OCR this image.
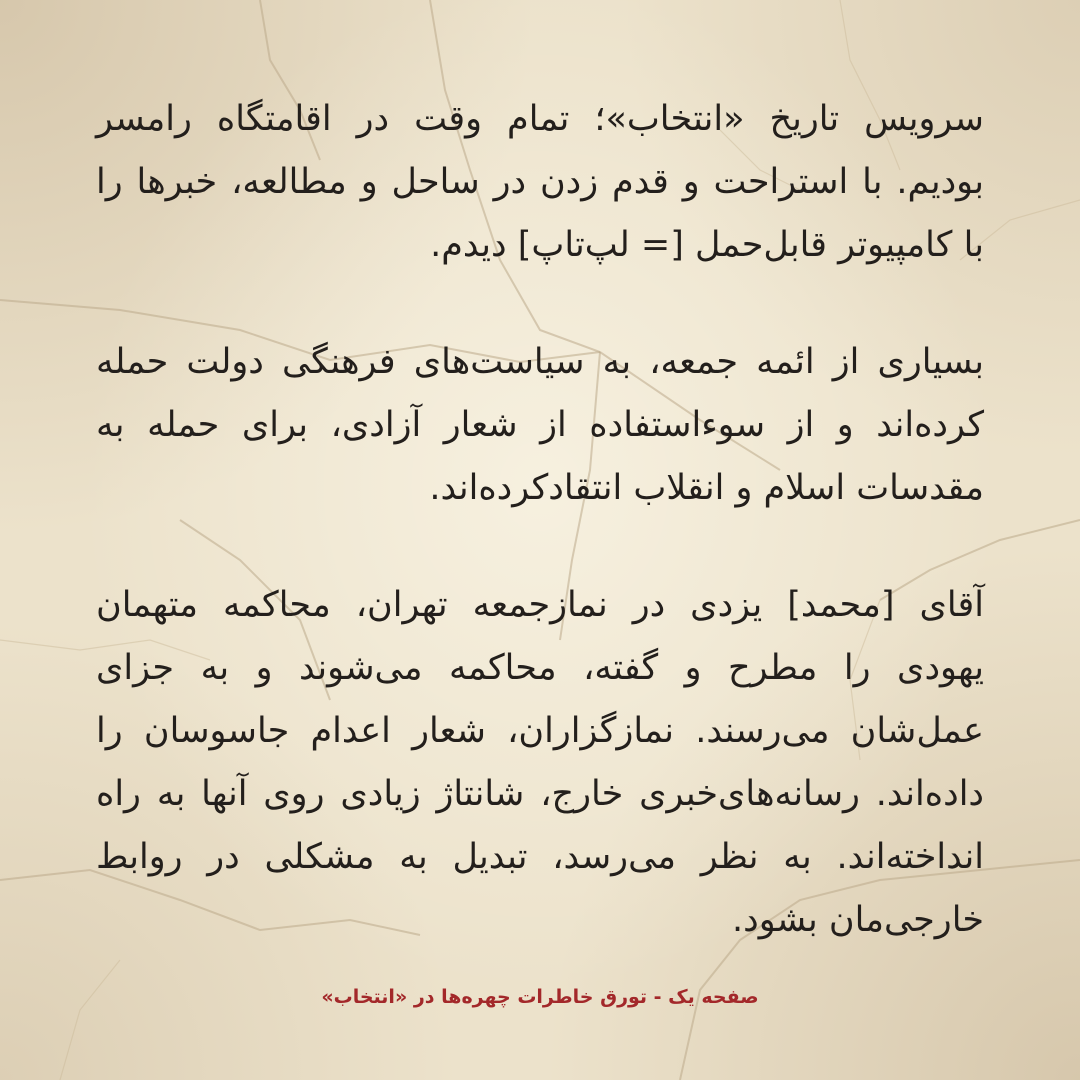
سرویس تاریخ «انتخاب»؛ تمام وقت در اقامتگاه رامسر بودیم. با استراحت و قدم زدن در ساحل و مطالعه، خبرها را با کامپیوتر قابل‌حمل [= لپ‌تاپ] دیدم.

بسیاری از ائمه جمعه، به سیاست‌های فرهنگی دولت حمله کرده‌اند و از سوءاستفاده از شعار آزادی، برای حمله به مقدسات اسلام و انقلاب انتقادکرده‌اند.

آقای [محمد] یزدی در نمازجمعه تهران، محاکمه متهمان یهودی را مطرح و گفته، محاکمه می‌شوند و به جزای عمل‌شان می‌رسند. نمازگزاران، شعار اعدام جاسوسان را داده‌اند. رسانه‌های‌خبری خارج، شانتاژ زیادی روی آنها به راه انداخته‌اند. به نظر می‌رسد، تبدیل به مشکلی در روابط خارجی‌مان بشود.

صفحه یک - تورق خاطرات چهره‌ها در «انتخاب»
